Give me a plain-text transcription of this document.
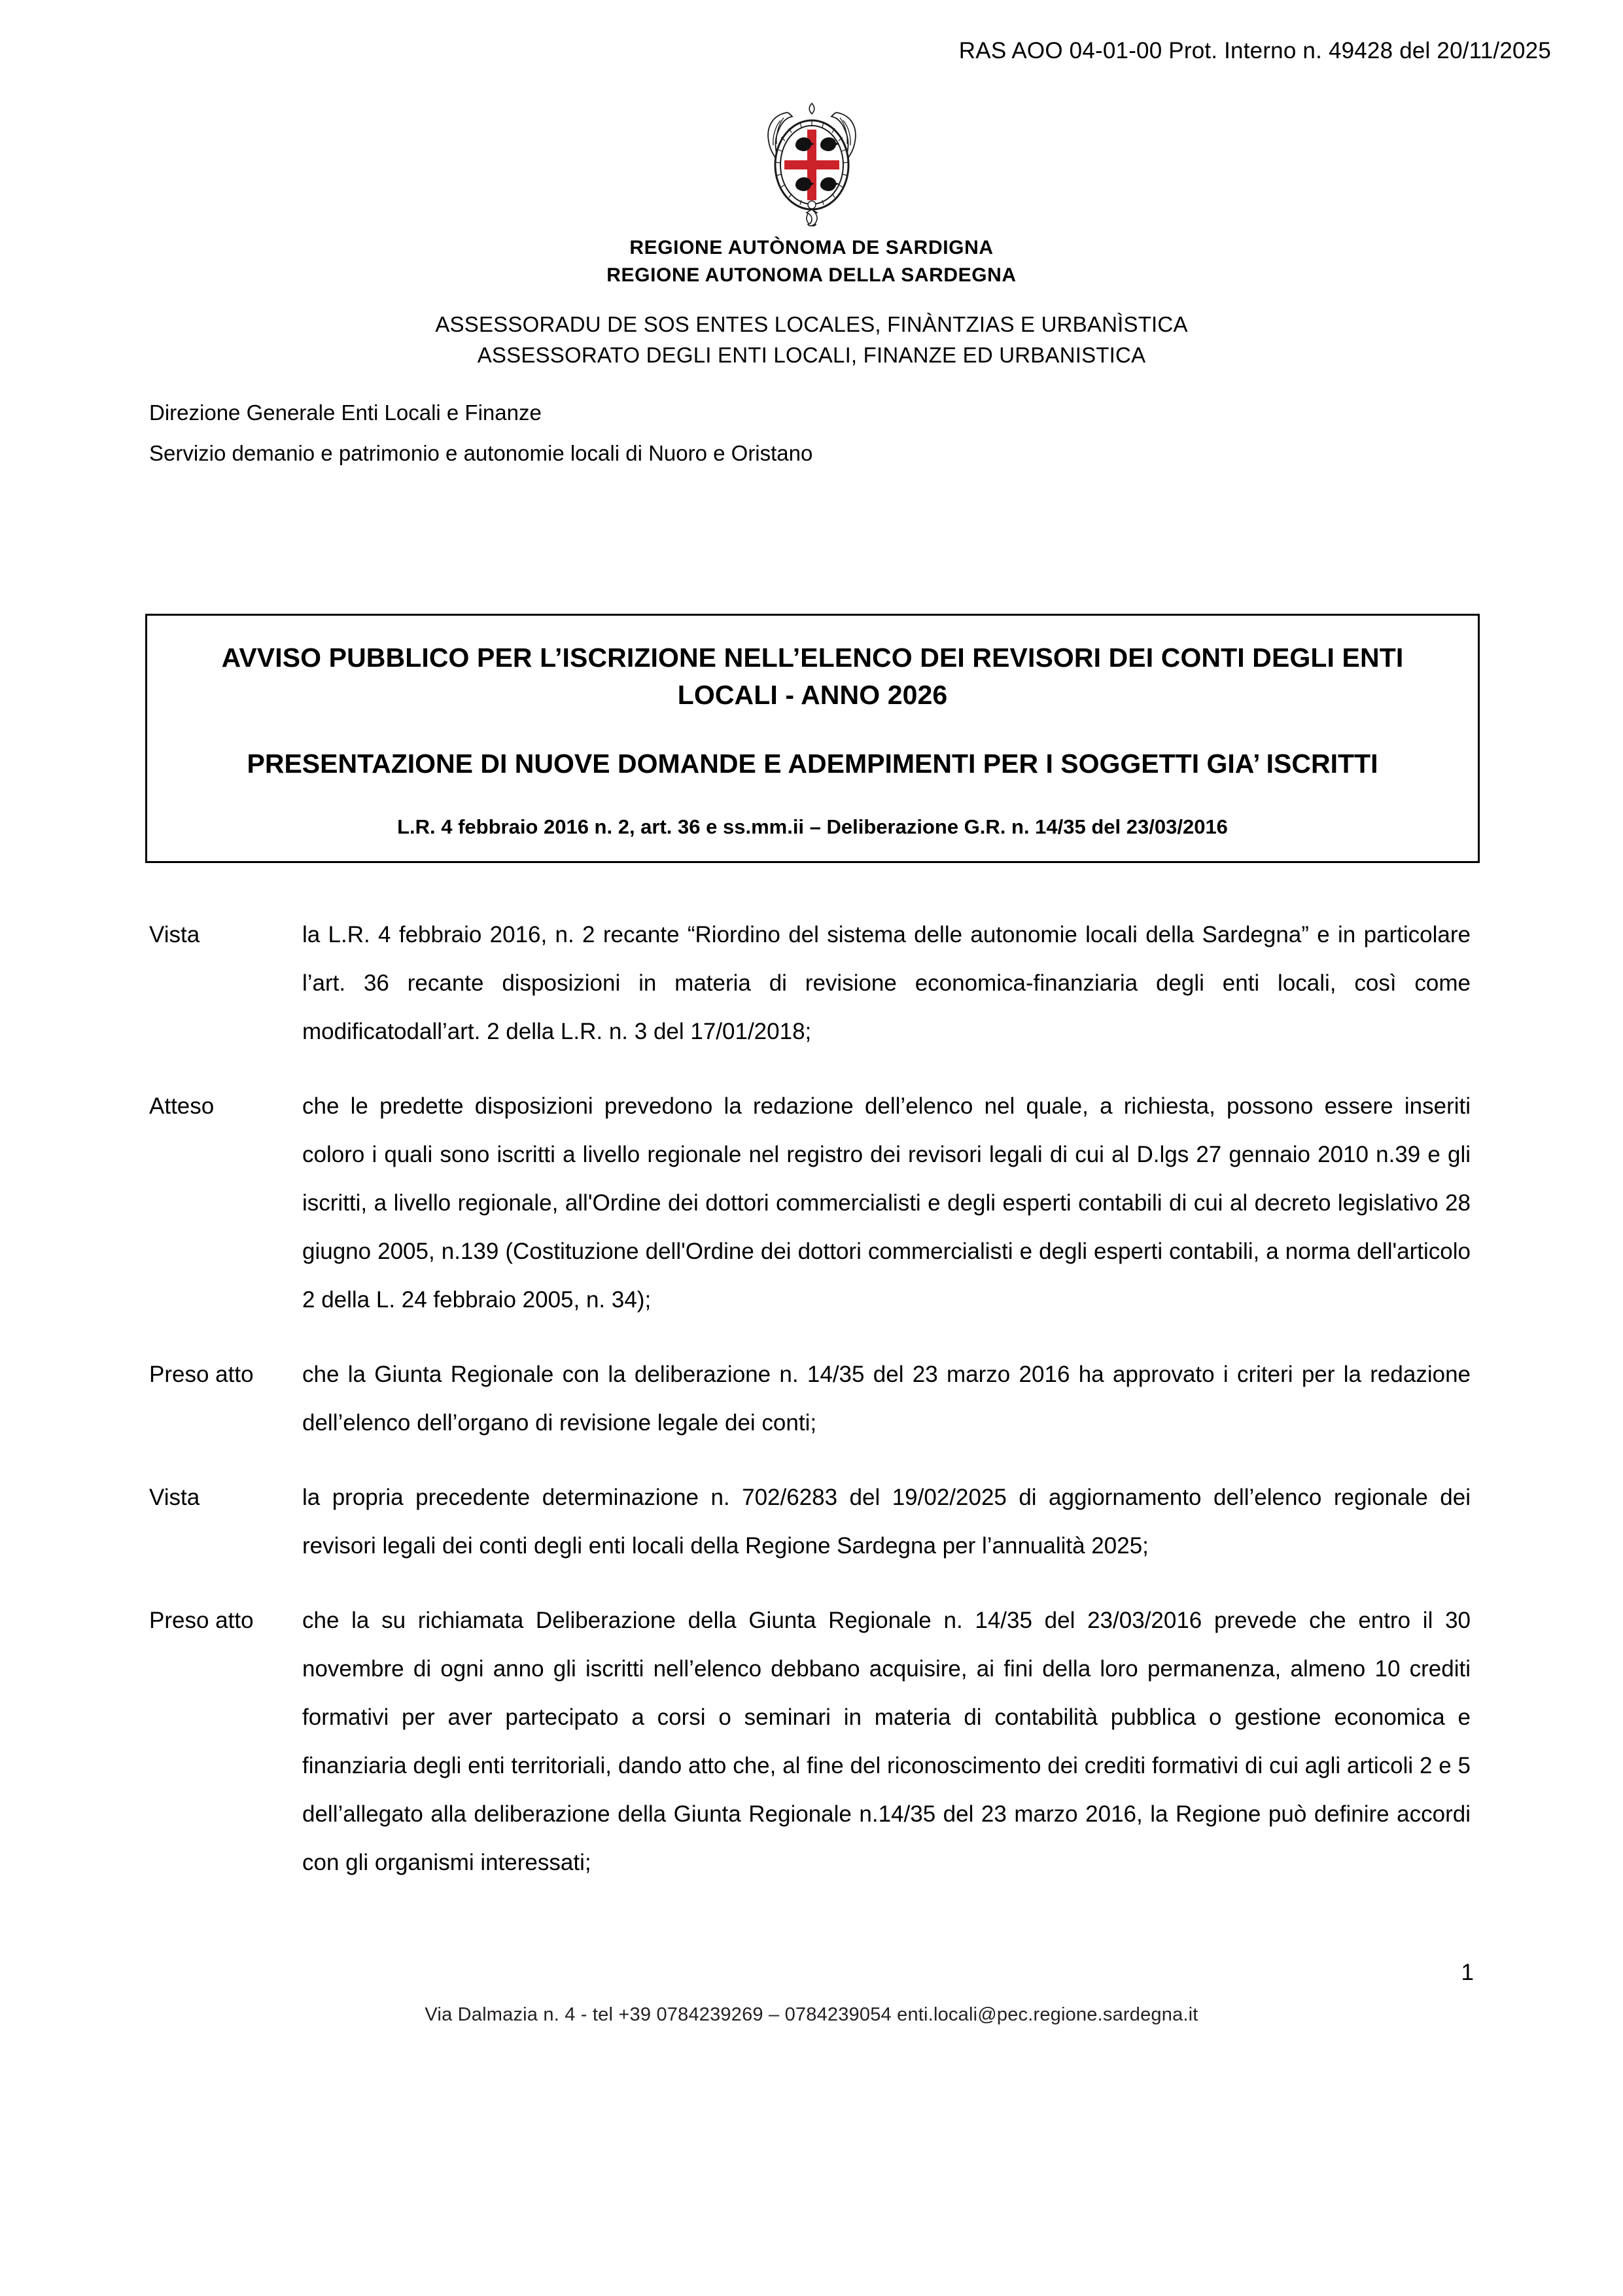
RAS AOO 04-01-00 Prot. Interno n. 49428 del 20/11/2025
REGIONE AUTÒNOMA DE SARDIGNA
REGIONE AUTONOMA DELLA SARDEGNA
ASSESSORADU DE SOS ENTES LOCALES, FINÀNTZIAS E URBANÌSTICA
ASSESSORATO DEGLI ENTI LOCALI, FINANZE ED URBANISTICA
Direzione Generale Enti Locali e Finanze
Servizio demanio e patrimonio e autonomie locali di Nuoro e Oristano
AVVISO PUBBLICO PER L’ISCRIZIONE NELL’ELENCO DEI REVISORI DEI CONTI DEGLI ENTI LOCALI - ANNO 2026
PRESENTAZIONE DI NUOVE DOMANDE E ADEMPIMENTI PER I SOGGETTI GIA’ ISCRITTI
L.R. 4 febbraio 2016 n. 2, art. 36 e ss.mm.ii – Deliberazione G.R. n. 14/35 del 23/03/2016
Vista	la L.R. 4 febbraio 2016, n. 2 recante “Riordino del sistema delle autonomie locali della Sardegna” e in particolare l’art. 36 recante disposizioni in materia di revisione economica-finanziaria degli enti locali, così come modificatodall’art. 2 della L.R. n. 3 del 17/01/2018;
Atteso	che le predette disposizioni prevedono la redazione dell’elenco nel quale, a richiesta, possono essere inseriti coloro i quali sono iscritti a livello regionale nel registro dei revisori legali di cui al D.lgs 27 gennaio 2010 n.39 e gli iscritti, a livello regionale, all'Ordine dei dottori commercialisti e degli esperti contabili di cui al decreto legislativo 28 giugno 2005, n.139 (Costituzione dell'Ordine dei dottori commercialisti e degli esperti contabili, a norma dell'articolo 2 della L. 24 febbraio 2005, n. 34);
Preso atto	che la Giunta Regionale con la deliberazione n. 14/35 del 23 marzo 2016 ha approvato i criteri per la redazione dell’elenco dell’organo di revisione legale dei conti;
Vista	la propria precedente determinazione n. 702/6283 del 19/02/2025 di aggiornamento dell’elenco regionale dei revisori legali dei conti degli enti locali della Regione Sardegna per l’annualità 2025;
Preso atto	che la su richiamata Deliberazione della Giunta Regionale n. 14/35 del 23/03/2016 prevede che entro il 30 novembre di ogni anno gli iscritti nell’elenco debbano acquisire, ai fini della loro permanenza, almeno 10 crediti formativi per aver partecipato a corsi o seminari in materia di contabilità pubblica o gestione economica e finanziaria degli enti territoriali, dando atto che, al fine del riconoscimento dei crediti formativi di cui agli articoli 2 e 5 dell’allegato alla deliberazione della Giunta Regionale n.14/35 del 23 marzo 2016, la Regione può definire accordi con gli organismi interessati;
1
Via Dalmazia n. 4 - tel +39 0784239269 – 0784239054 enti.locali@pec.regione.sardegna.it
